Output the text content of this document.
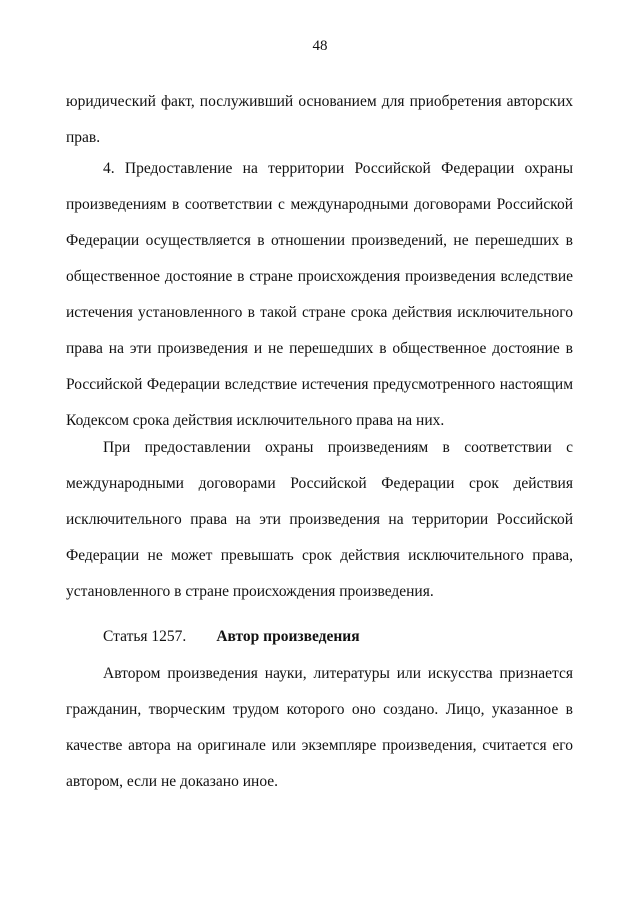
48
юридический факт, послуживший основанием для приобретения авторских
прав.
4. Предоставление на территории Российской Федерации охраны
произведениям в соответствии с международными договорами Российской
Федерации осуществляется в отношении произведений, не перешедших в
общественное достояние в стране происхождения произведения вследствие
истечения установленного в такой стране срока действия исключительного
права на эти произведения и не перешедших в общественное достояние в
Российской Федерации вследствие истечения предусмотренного настоящим
Кодексом срока действия исключительного права на них.
При предоставлении охраны произведениям в соответствии с
международными договорами Российской Федерации срок действия
исключительного права на эти произведения на территории Российской
Федерации не может превышать срок действия исключительного права,
установленного в стране происхождения произведения.
Статья 1257. Автор произведения
Автором произведения науки, литературы или искусства признается
гражданин, творческим трудом которого оно создано. Лицо, указанное в
качестве автора на оригинале или экземпляре произведения, считается его
автором, если не доказано иное.
